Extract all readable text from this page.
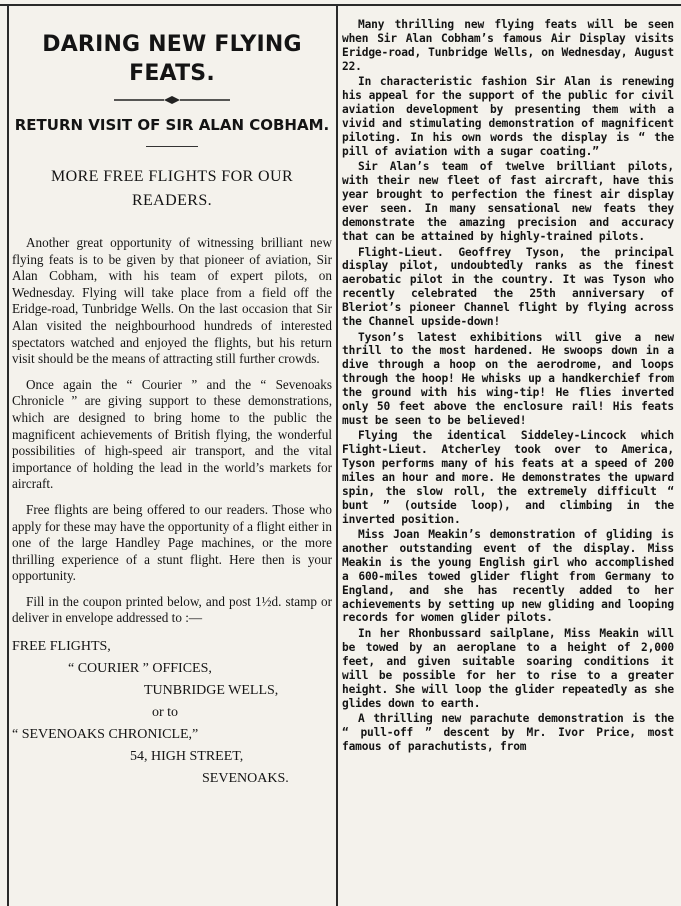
DARING NEW FLYING FEATS.
RETURN VISIT OF SIR ALAN COBHAM.
MORE FREE FLIGHTS FOR OUR READERS.

Another great opportunity of witnessing brilliant new flying feats is to be given by that pioneer of aviation, Sir Alan Cobham, with his team of expert pilots, on Wednesday. Flying will take place from a field off the Eridge-road, Tunbridge Wells. On the last occasion that Sir Alan visited the neighbourhood hundreds of interested spectators watched and enjoyed the flights, but his return visit should be the means of attracting still further crowds.

Once again the “ Courier ” and the “ Sevenoaks Chronicle ” are giving support to these demonstrations, which are designed to bring home to the public the magnificent achievements of British flying, the wonderful possibilities of high-speed air transport, and the vital importance of holding the lead in the world’s markets for aircraft.

Free flights are being offered to our readers. Those who apply for these may have the opportunity of a flight either in one of the large Handley Page machines, or the more thrilling experience of a stunt flight. Here then is your opportunity.

Fill in the coupon printed below, and post 1½d. stamp or deliver in envelope addressed to :—

FREE FLIGHTS,
“ COURIER ” OFFICES,
TUNBRIDGE WELLS,
or to
“ SEVENOAKS CHRONICLE,”
54, HIGH STREET,
SEVENOAKS.

Many thrilling new flying feats will be seen when Sir Alan Cobham’s famous Air Display visits Eridge-road, Tunbridge Wells, on Wednesday, August 22.

In characteristic fashion Sir Alan is renewing his appeal for the support of the public for civil aviation development by presenting them with a vivid and stimulating demonstration of magnificent piloting. In his own words the display is “ the pill of aviation with a sugar coating.”

Sir Alan’s team of twelve brilliant pilots, with their new fleet of fast aircraft, have this year brought to perfection the finest air display ever seen. In many sensational new feats they demonstrate the amazing precision and accuracy that can be attained by highly-trained pilots.

Flight-Lieut. Geoffrey Tyson, the principal display pilot, undoubtedly ranks as the finest aerobatic pilot in the country. It was Tyson who recently celebrated the 25th anniversary of Bleriot’s pioneer Channel flight by flying across the Channel upside-down!

Tyson’s latest exhibitions will give a new thrill to the most hardened. He swoops down in a dive through a hoop on the aerodrome, and loops through the hoop! He whisks up a handkerchief from the ground with his wing-tip! He flies inverted only 50 feet above the enclosure rail! His feats must be seen to be believed!

Flying the identical Siddeley-Lincock which Flight-Lieut. Atcherley took over to America, Tyson performs many of his feats at a speed of 200 miles an hour and more. He demonstrates the upward spin, the slow roll, the extremely difficult “ bunt ” (outside loop), and climbing in the inverted position.

Miss Joan Meakin’s demonstration of gliding is another outstanding event of the display. Miss Meakin is the young English girl who accomplished a 600-miles towed glider flight from Germany to England, and she has recently added to her achievements by setting up new gliding and looping records for women glider pilots.

In her Rhonbussard sailplane, Miss Meakin will be towed by an aeroplane to a height of 2,000 feet, and given suitable soaring conditions it will be possible for her to rise to a greater height. She will loop the glider repeatedly as she glides down to earth.

A thrilling new parachute demonstration is the “ pull-off ” descent by Mr. Ivor Price, most famous of parachutists, from
